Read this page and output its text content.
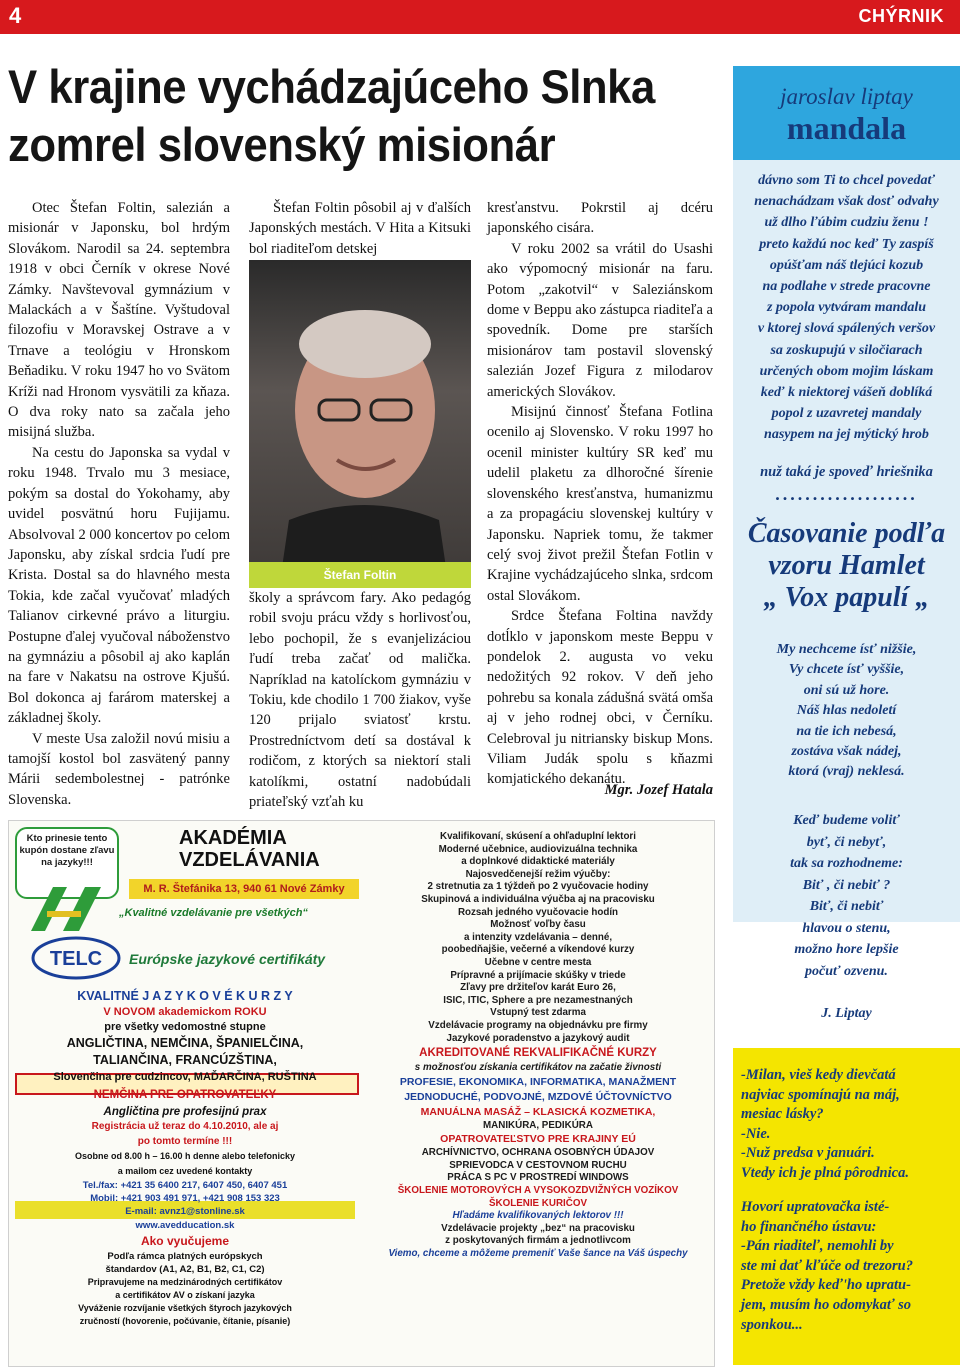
4	CHÝRNIK
V krajine vychádzajúceho Slnka
zomrel slovenský misionár

Otec Štefan Foltin, salezián a misionár v Japonsku, bol hrdým Slovákom. Narodil sa 24. septembra 1918 v obci Černík v okrese Nové Zámky. Navštevoval gymnázium v Malackách a v Šaštíne. Vyštudoval filozofiu v Moravskej Ostrave a v Trnave a teológiu v Hronskom Beňadiku. V roku 1947 ho vo Svätom Kríži nad Hronom vysvätili za kňaza. O dva roky nato sa začala jeho misijná služba.

Na cestu do Japonska sa vydal v roku 1948. Trvalo mu 3 mesiace, pokým sa dostal do Yokohamy, aby uvidel posvätnú horu Fujijamu. Absolvoval 2 000 koncertov po celom Japonsku, aby získal srdcia ľudí pre Krista. Dostal sa do hlavného mesta Tokia, kde začal vyučovať mladých Talianov cirkevné právo a liturgiu. Postupne ďalej vyučoval náboženstvo na gymnáziu a pôsobil aj ako kaplán na fare v Nakatsu na ostrove Kjušú. Bol dokonca aj farárom materskej a základnej školy.

V meste Usa založil novú misiu a tamojší kostol bol zasvätený panny Márii sedembolestnej - patrónke Slovenska.

Štefan Foltin pôsobil aj v ďalších Japonských mestách. V Hita a Kitsuki bol riaditeľom detskej

Štefan Foltin

školy a správcom fary. Ako pedagóg robil svoju prácu vždy s horlivosťou, lebo pochopil, že s evanjelizáciou ľudí treba začať od malička. Napríklad na katolíckom gymnáziu v Tokiu, kde chodilo 1 700 žiakov, vyše 120 prijalo sviatosť krstu. Prostredníctvom detí sa dostával k rodičom, z ktorých sa niektorí stali katolíkmi, ostatní nadobúdali priateľský vzťah ku

kresťanstvu. Pokrstil aj dcéru japonského cisára.

V roku 2002 sa vrátil do Usashi ako výpomocný misionár na faru. Potom „zakotvil“ v Saleziánskom dome v Beppu ako zástupca riaditeľa a spovedník. Dome pre starších misionárov tam postavil slovenský salezián Jozef Figura z milodarov amerických Slovákov.

Misijnú činnosť Štefana Fotlina ocenilo aj Slovensko. V roku 1997 ho ocenil minister kultúry SR keď mu udelil plaketu za dlhoročné šírenie slovenského kresťanstva, humanizmu a za propagáciu slovenskej kultúry v Japonsku. Napriek tomu, že takmer celý svoj život prežil Štefan Fotlin v Krajine vychádzajúceho slnka, srdcom ostal Slovákom.

Srdce Štefana Foltina navždy dotĺklo v japonskom meste Beppu v pondelok 2. augusta vo veku nedožitých 92 rokov. V deň jeho pohrebu sa konala zádušná svätá omša aj v jeho rodnej obci, v Černíku. Celebroval ju nitriansky biskup Mons. Viliam Judák spolu s kňazmi komjatického dekanátu.

Mgr. Jozef Hatala
jaroslav liptay
mandala
dávno som Ti to chcel povedať
nenachádzam však dosť odvahy
už dlho ľúbim cudziu ženu !
preto každú noc keď Ty zaspíš
opúšťam náš tlejúci kozub
na podlahe v strede pracovne
z popola vytváram mandalu
v ktorej slová spálených veršov
sa zoskupujú v siločiarach
určených obom mojim láskam
keď k niektorej vášeň doblíká
popol z uzavretej mandaly
nasypem na jej mýtický hrob
nuž taká je spoveď hriešnika
...................
Časovanie podľa
vzoru Hamlet
„ Vox papulí „
My nechceme ísť nižšie,
Vy chcete ísť vyššie,
oni sú už hore.
Náš hlas nedoletí
na tie ich nebesá,
zostáva však nádej,
ktorá (vraj) neklesá.
Keď budeme voliť
byť, či nebyť,
tak sa rozhodneme:
Biť , či nebiť ?
Biť, či nebiť
hlavou o stenu,
možno hore lepšie
počuť ozvenu.
J. Liptay
-Milan, vieš kedy dievčatá
najviac spomínajú na máj,
mesiac lásky?
-Nie.
-Nuž predsa v januári.
Vtedy ich je plná pôrodnica.
Hovorí upratovačka isté-
ho finančného ústavu:
-Pán riaditeľ, nemohli by
ste mi dať kľúče od trezoru?
Pretože vždy keď'ho upratu-
jem, musím ho odomykať so
sponkou...
Kto prinesie tento kupón dostane zľavu na jazyky!!!
AKADÉMIA
VZDELÁVANIA
M. R. Štefánika 13, 940 61 Nové Zámky
„Kvalitné vzdelávanie pre všetkých“
TELC Európske jazykové certifikáty
KVALITNÉ J A Z Y K O V É K U R Z Y
V NOVOM akademickom ROKU
pre všetky vedomostné stupne
ANGLIČTINA, NEMČINA, ŠPANIELČINA,
TALIANČINA, FRANCÚZŠTINA,
Slovenčina pre cudzincov, MAĎARČINA, RUŠTINA
NEMČINA PRE OPATROVATEĽKY
Angličtina pre profesijnú prax
Registrácia už teraz do 4.10.2010, ale aj
po tomto termíne !!!
Osobne od 8.00 h – 16.00 h denne alebo telefonicky
a mailom cez uvedené kontakty
Tel./fax: +421 35 6400 217, 6407 450, 6407 451
Mobil: +421 903 491 971, +421 908 153 323
E-mail: avnz1@stonline.sk
www.avedducation.sk
Ako vyučujeme
Podľa rámca platných európskych
štandardov (A1, A2, B1, B2, C1, C2)
Pripravujeme na medzinárodných certifikátov
a certifikátov AV o získaní jazyka
Vyváženie rozvíjanie všetkých štyroch jazykových
zručností (hovorenie, počúvanie, čítanie, písanie)
Kvalifikovaní, skúsení a ohľaduplní lektori
Moderné učebnice, audiovizuálna technika
a doplnkové didaktické materiály
Najosvedčenejší režim výučby:
2 stretnutia za 1 týždeň po 2 vyučovacie hodiny
Skupinová a individuálna výučba aj na pracovisku
Rozsah jedného vyučovacie hodín
Možnosť voľby času
a intenzity vzdelávania – denné,
poobedňajšie, večerné a víkendové kurzy
Učebne v centre mesta
Prípravné a prijímacie skúšky v triede
Zľavy pre držiteľov karát Euro 26,
ISIC, ITIC, Sphere a pre nezamestnaných
Vstupný test zdarma
Vzdelávacie programy na objednávku pre firmy
Jazykové poradenstvo a jazykový audit
AKREDITOVANÉ REKVALIFIKAČNÉ KURZY
s možnosťou získania certifikátov na začatie živnosti
PROFESIE, EKONOMIKA, INFORMATIKA, MANAŽMENT
JEDNODUCHÉ, PODVOJNÉ, MZDOVÉ ÚČTOVNÍCTVO
MANUÁLNA MASÁŽ – KLASICKÁ KOZMETIKA,
MANIKÚRA, PEDIKÚRA
OPATROVATEĽSTVO PRE KRAJINY EÚ
ARCHÍVNICTVO, OCHRANA OSOBNÝCH ÚDAJOV
SPRIEVODCA V CESTOVNOM RUCHU
PRÁCA S PC V PROSTREDÍ WINDOWS
ŠKOLENIE MOTOROVÝCH A VYSOKOZDVIŽNÝCH VOZÍKOV
ŠKOLENIE KURIČOV
Hľadáme kvalifikovaných lektorov !!!
Vzdelávacie projekty „bez“ na pracovisku
z poskytovaných firmám a jednotlivcom
Viemo, chceme a môžeme premeniť Vaše šance na Váš úspechy
